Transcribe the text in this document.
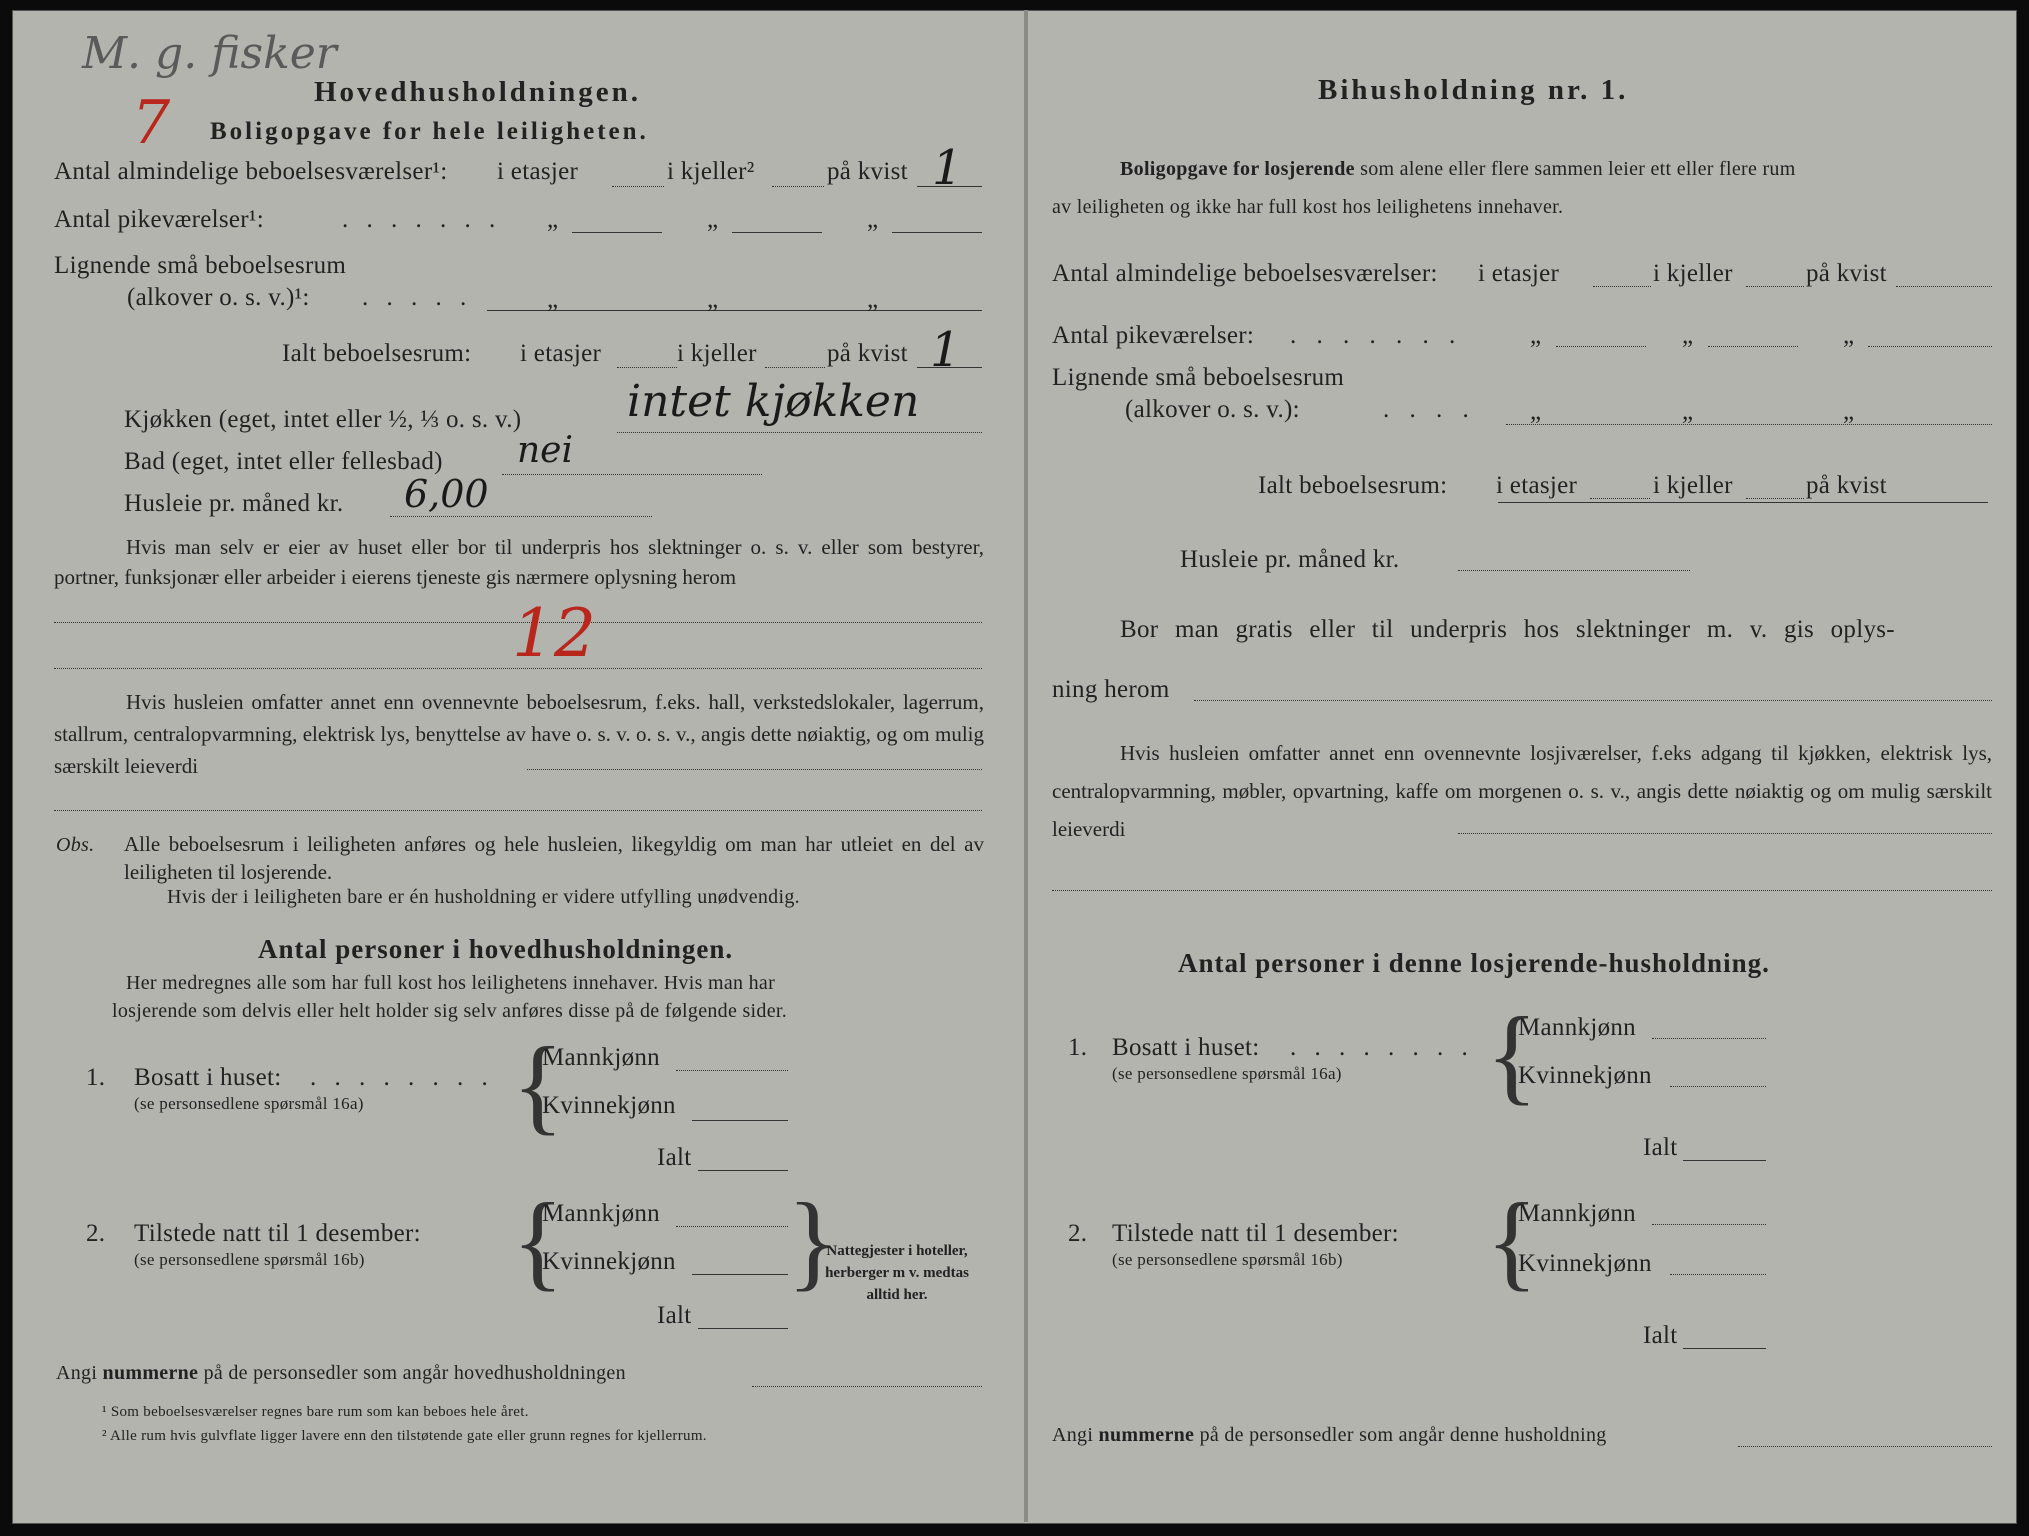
M. g. fisker
7	Hovedhusholdningen.
Boligopgave for hele leiligheten.
Antal almindelige beboelsesværelser¹: i etasjer	i kjeller²	på kvist 1
Antal pikeværelser¹:	. . . . . . . „	„	„
Lignende små beboelsesrum
(alkover o. s. v.)¹: . . . . .	„	„	„
Ialt beboelsesrum: i etasjer	i kjeller	på kvist 1
Kjøkken (eget, intet eller ½, ⅓ o. s. v.) intet kjøkken
Bad (eget, intet eller fellesbad) nei
Husleie pr. måned kr. 6,00
Hvis man selv er eier av huset eller bor til underpris hos slektninger o. s. v. eller som bestyrer, portner, funksjonær eller arbeider i eierens tjeneste gis nærmere oplysning herom
12
Hvis husleien omfatter annet enn ovennevnte beboelsesrum, f.eks. hall, verkstedslokaler, lagerrum, stallrum, centralopvarmning, elektrisk lys, benyttelse av have o. s. v. o. s. v., angis dette nøiaktig, og om mulig særskilt leieverdi
Obs. Alle beboelsesrum i leiligheten anføres og hele husleien, likegyldig om man har utleiet en del av leiligheten til losjerende.
Hvis der i leiligheten bare er én husholdning er videre utfylling unødvendig.
Antal personer i hovedhusholdningen.
Her medregnes alle som har full kost hos leilighetens innehaver. Hvis man har
losjerende som delvis eller helt holder sig selv anføres disse på de følgende sider.
1. Bosatt i huset: . . . . . . . .
(se personsedlene spørsmål 16a) {
Mannkjønn
Kvinnekjønn
Ialt
2. Tilstede natt til 1 desember:
(se personsedlene spørsmål 16b) {
Mannkjønn
Kvinnekjønn
Ialt
{
Nattegjester i hoteller, herberger m v. medtas alltid her.
Angi nummerne på de personsedler som angår hovedhusholdningen
¹ Som beboelsesværelser regnes bare rum som kan beboes hele året.
² Alle rum hvis gulvflate ligger lavere enn den tilstøtende gate eller grunn regnes for kjellerrum.
Bihusholdning nr. 1.
Boligopgave for losjerende som alene eller flere sammen leier ett eller flere rum
av leiligheten og ikke har full kost hos leilighetens innehaver.
Antal almindelige beboelsesværelser: i etasjer	i kjeller	på kvist
Antal pikeværelser: . . . . . . .	„	„	„
Lignende små beboelsesrum
(alkover o. s. v.):	. . . . „	„	„
Ialt beboelsesrum: i etasjer	i kjeller	på kvist
Husleie pr. måned kr.
Bor man gratis eller til underpris hos slektninger m. v. gis oplys-
ning herom
Hvis husleien omfatter annet enn ovennevnte losjiværelser, f.eks adgang til kjøkken, elektrisk lys, centralopvarmning, møbler, opvartning, kaffe om morgenen o. s. v., angis dette nøiaktig og om mulig særskilt leieverdi
Antal personer i denne losjerende-husholdning.
1. Bosatt i huset: . . . . . . . .
(se personsedlene spørsmål 16a) {
Mannkjønn
Kvinnekjønn
Ialt
2. Tilstede natt til 1 desember:
(se personsedlene spørsmål 16b) {
Mannkjønn
Kvinnekjønn
Ialt
Angi nummerne på de personsedler som angår denne husholdning
